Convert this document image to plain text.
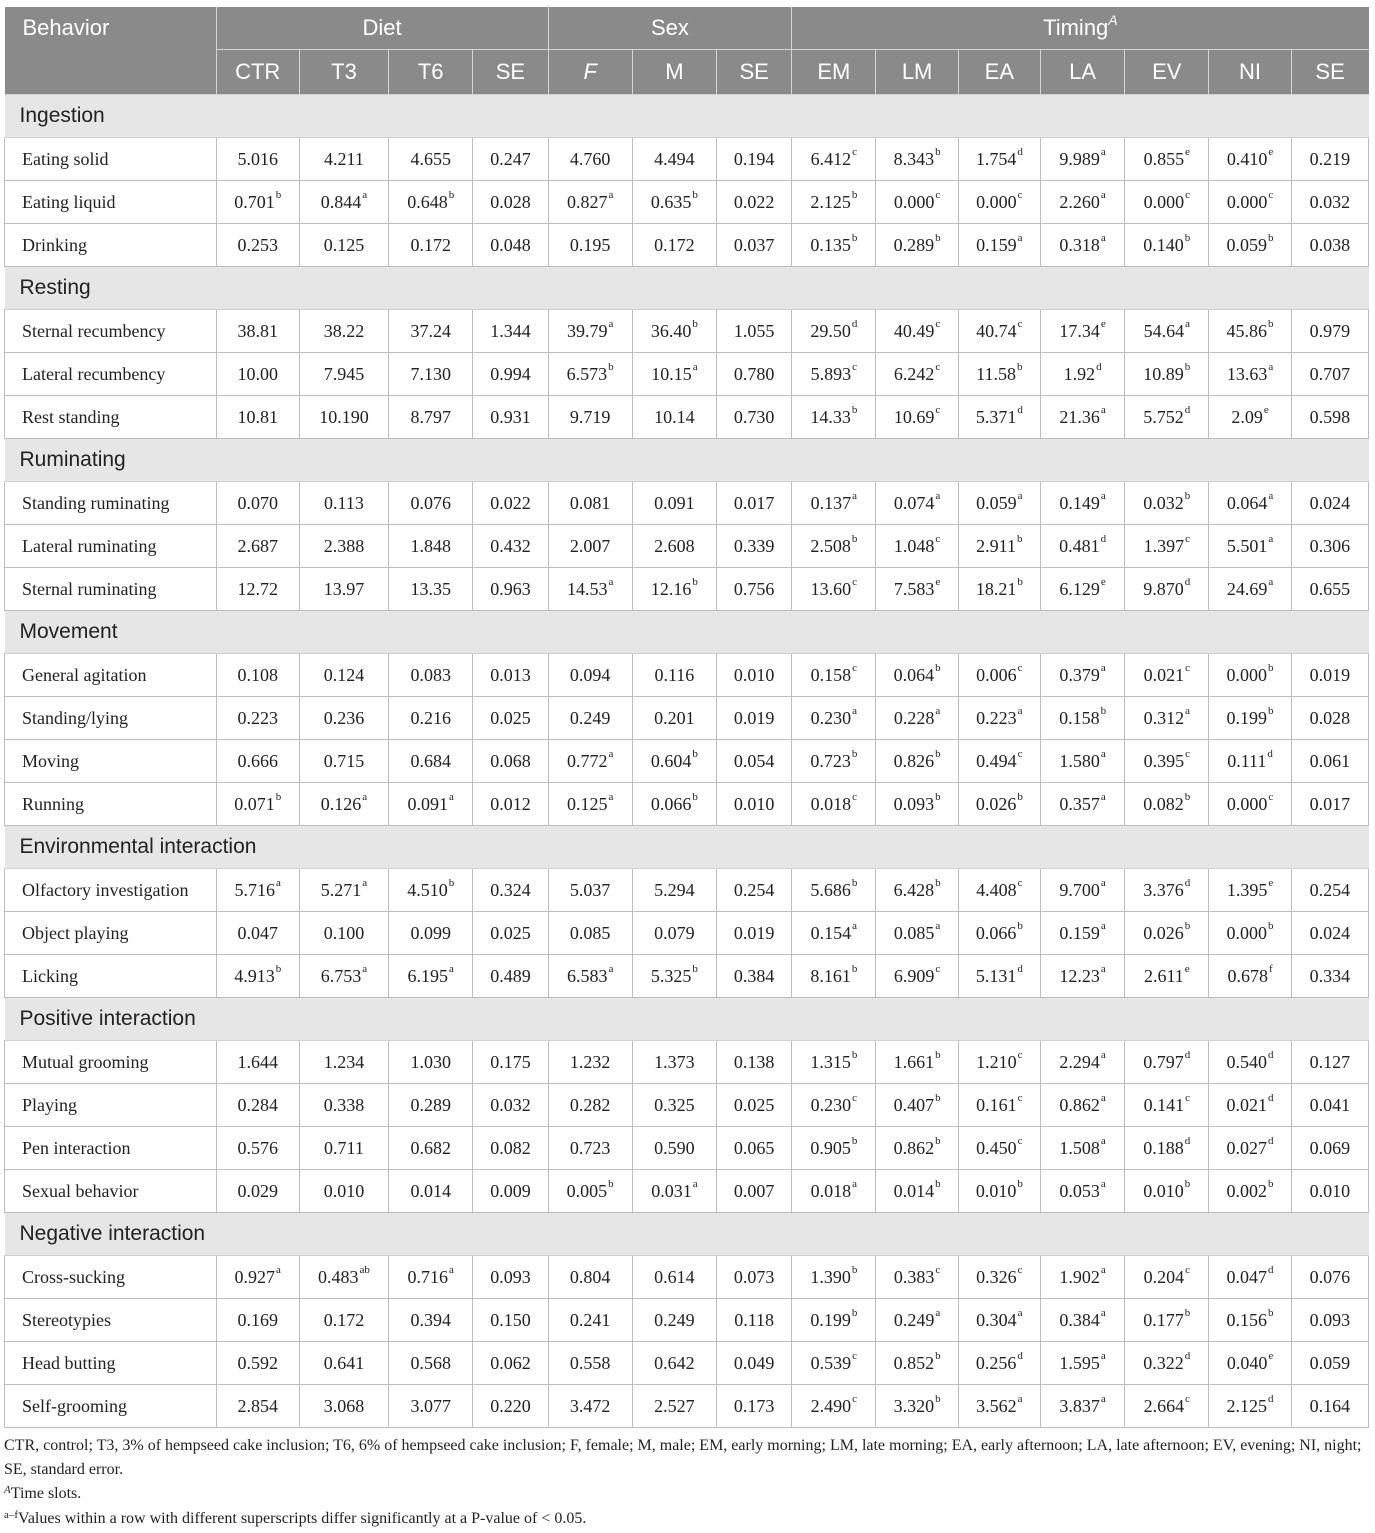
Behavior	Diet				Sex			Timing$^A$
	CTR	T3	T6	SE	F	M	SE	EM	LM	EA	LA	EV	NI	SE
Ingestion														
Eating solid	5.016	4.211	4.655	0.247	4.760	4.494	0.194	6.412$^c$	8.343$^b$	1.754$^d$	9.989$^a$	0.855e	0.410e	0.219
Eating liquid	0.701$^b$	0.844$^a$	0.648$^b$	0.028	0.827$^a$	0.635$^b$	0.022	2.125$^b$	0.000$^c$	0.000$^c$	2.260$^a$	0.000$^c$	0.000$^c$	0.032
Drinking	0.253	0.125	0.172	0.048	0.195	0.172	0.037	0.135$^b$	0.289$^b$	0.159$^a$	0.318$^a$	0.140$^b$	0.059$^b$	0.038
Resting														
Sternal recumbency	38.81	38.22	37.24	1.344	39.79$^a$	36.40$^b$	1.055	29.50$^d$	40.49$^c$	40.74$^c$	17.34e	54.64$^a$	45.86$^b$	0.979
Lateral recumbency	10.00	7.945	7.130	0.994	6.573$^b$	10.15$^a$	0.780	5.893$^c$	6.242$^c$	11.58$^b$	1.92$^d$	10.89$^b$	13.63$^a$	0.707
Rest standing	10.81	10.190	8.797	0.931	9.719	10.14	0.730	14.33$^b$	10.69$^c$	5.371$^d$	21.36$^a$	5.752$^d$	2.09e	0.598
Ruminating														
Standing ruminating	0.070	0.113	0.076	0.022	0.081	0.091	0.017	0.137$^a$	0.074$^a$	0.059$^a$	0.149$^a$	0.032$^b$	0.064$^a$	0.024
Lateral ruminating	2.687	2.388	1.848	0.432	2.007	2.608	0.339	2.508$^b$	1.048$^c$	2.911$^b$	0.481$^d$	1.397$^c$	5.501$^a$	0.306
Sternal ruminating	12.72	13.97	13.35	0.963	14.53$^a$	12.16$^b$	0.756	13.60$^c$	7.583e	18.21$^b$	6.129e	9.870$^d$	24.69$^a$	0.655
Movement														
General agitation	0.108	0.124	0.083	0.013	0.094	0.116	0.010	0.158$^c$	0.064$^b$	0.006$^c$	0.379$^a$	0.021$^c$	0.000$^b$	0.019
Standing/lying	0.223	0.236	0.216	0.025	0.249	0.201	0.019	0.230$^a$	0.228$^a$	0.223$^a$	0.158$^b$	0.312$^a$	0.199$^b$	0.028
Moving	0.666	0.715	0.684	0.068	0.772$^a$	0.604$^b$	0.054	0.723$^b$	0.826$^b$	0.494$^c$	1.580$^a$	0.395$^c$	0.111$^d$	0.061
Running	0.071$^b$	0.126$^a$	0.091$^a$	0.012	0.125$^a$	0.066$^b$	0.010	0.018$^c$	0.093$^b$	0.026$^b$	0.357$^a$	0.082$^b$	0.000$^c$	0.017
Environmental interaction														
Olfactory investigation	5.716$^a$	5.271$^a$	4.510$^b$	0.324	5.037	5.294	0.254	5.686$^b$	6.428$^b$	4.408$^c$	9.700$^a$	3.376$^d$	1.395e	0.254
Object playing	0.047	0.100	0.099	0.025	0.085	0.079	0.019	0.154$^a$	0.085$^a$	0.066$^b$	0.159$^a$	0.026$^b$	0.000$^b$	0.024
Licking	4.913$^b$	6.753$^a$	6.195$^a$	0.489	6.583$^a$	5.325$^b$	0.384	8.161$^b$	6.909$^c$	5.131$^d$	12.23$^a$	2.611e	0.678$^f$	0.334
Positive interaction														
Mutual grooming	1.644	1.234	1.030	0.175	1.232	1.373	0.138	1.315$^b$	1.661$^b$	1.210$^c$	2.294$^a$	0.797$^d$	0.540$^d$	0.127
Playing	0.284	0.338	0.289	0.032	0.282	0.325	0.025	0.230$^c$	0.407$^b$	0.161$^c$	0.862$^a$	0.141$^c$	0.021$^d$	0.041
Pen interaction	0.576	0.711	0.682	0.082	0.723	0.590	0.065	0.905$^b$	0.862$^b$	0.450$^c$	1.508$^a$	0.188$^d$	0.027$^d$	0.069
Sexual behavior	0.029	0.010	0.014	0.009	0.005$^b$	0.031$^a$	0.007	0.018$^a$	0.014$^b$	0.010$^b$	0.053$^a$	0.010$^b$	0.002$^b$	0.010
Negative interaction														
Cross-sucking	0.927$^a$	0.483$^{ab}$	0.716$^a$	0.093	0.804	0.614	0.073	1.390$^b$	0.383$^c$	0.326$^c$	1.902$^a$	0.204$^c$	0.047$^d$	0.076
Stereotypies	0.169	0.172	0.394	0.150	0.241	0.249	0.118	0.199$^b$	0.249$^a$	0.304$^a$	0.384$^a$	0.177$^b$	0.156$^b$	0.093
Head butting	0.592	0.641	0.568	0.062	0.558	0.642	0.049	0.539$^c$	0.852$^b$	0.256$^d$	1.595$^a$	0.322$^d$	0.040e	0.059
Self-grooming	2.854	3.068	3.077	0.220	3.472	2.527	0.173	2.490$^c$	3.320$^b$	3.562$^a$	3.837$^a$	2.664$^c$	2.125$^d$	0.164

CTR, control; T3, 3% of hempseed cake inclusion; T6, 6% of hempseed cake inclusion; F, female; M, male; EM, early morning; LM, late morning; EA, early afternoon; LA, late afternoon; EV, evening; NI, night; SE, standard error.

$^A$Time slots.

$^{a-f}$Values within a row with different superscripts differ significantly at a P-value of < 0.05.
